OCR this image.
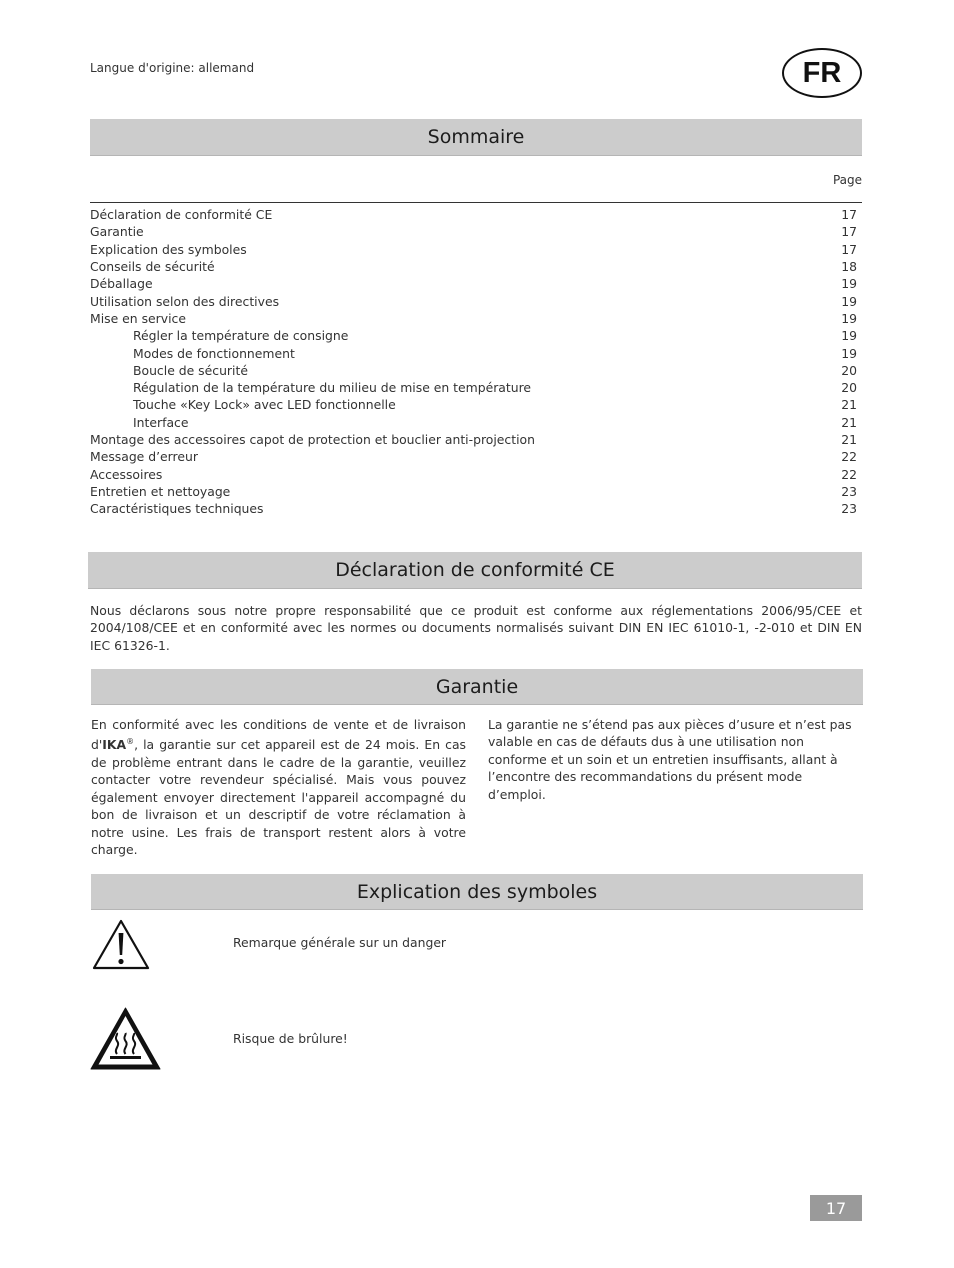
Langue d'origine: allemand	FR
Sommaire
Page
Déclaration de conformité CE	17
Garantie	17
Explication des symboles	17
Conseils de sécurité	18
Déballage	19
Utilisation selon des directives	19
Mise en service	19
Régler la température de consigne	19
Modes de fonctionnement	19
Boucle de sécurité	20
Régulation de la température du milieu de mise en température	20
Touche «Key Lock» avec LED fonctionnelle	21
Interface	21
Montage des accessoires capot de protection et bouclier anti-projection	21
Message d’erreur	22
Accessoires	22
Entretien et nettoyage	23
Caractéristiques techniques	23
Déclaration de conformité CE
Nous déclarons sous notre propre responsabilité que ce produit est conforme aux réglementations 2006/95/CEE et 2004/108/CEE et en conformité avec les normes ou documents normalisés suivant DIN EN IEC 61010-1, -2-010 et DIN EN IEC 61326-1.
Garantie
En conformité avec les conditions de vente et de livraison d'IKA®, la garantie sur cet appareil est de 24 mois. En cas de problème entrant dans le cadre de la garantie, veuillez contacter votre revendeur spécialisé. Mais vous pouvez également envoyer directement l'appareil accompagné du bon de livraison et un descriptif de votre réclamation à notre usine. Les frais de transport restent alors à votre charge.
La garantie ne s’étend pas aux pièces d’usure et n’est pas valable en cas de défauts dus à une utilisation non conforme et un soin et un entretien insuffisants, allant à l’encontre des recommandations du présent mode d’emploi.
Explication des symboles
Remarque générale sur un danger
Risque de brûlure!
17
